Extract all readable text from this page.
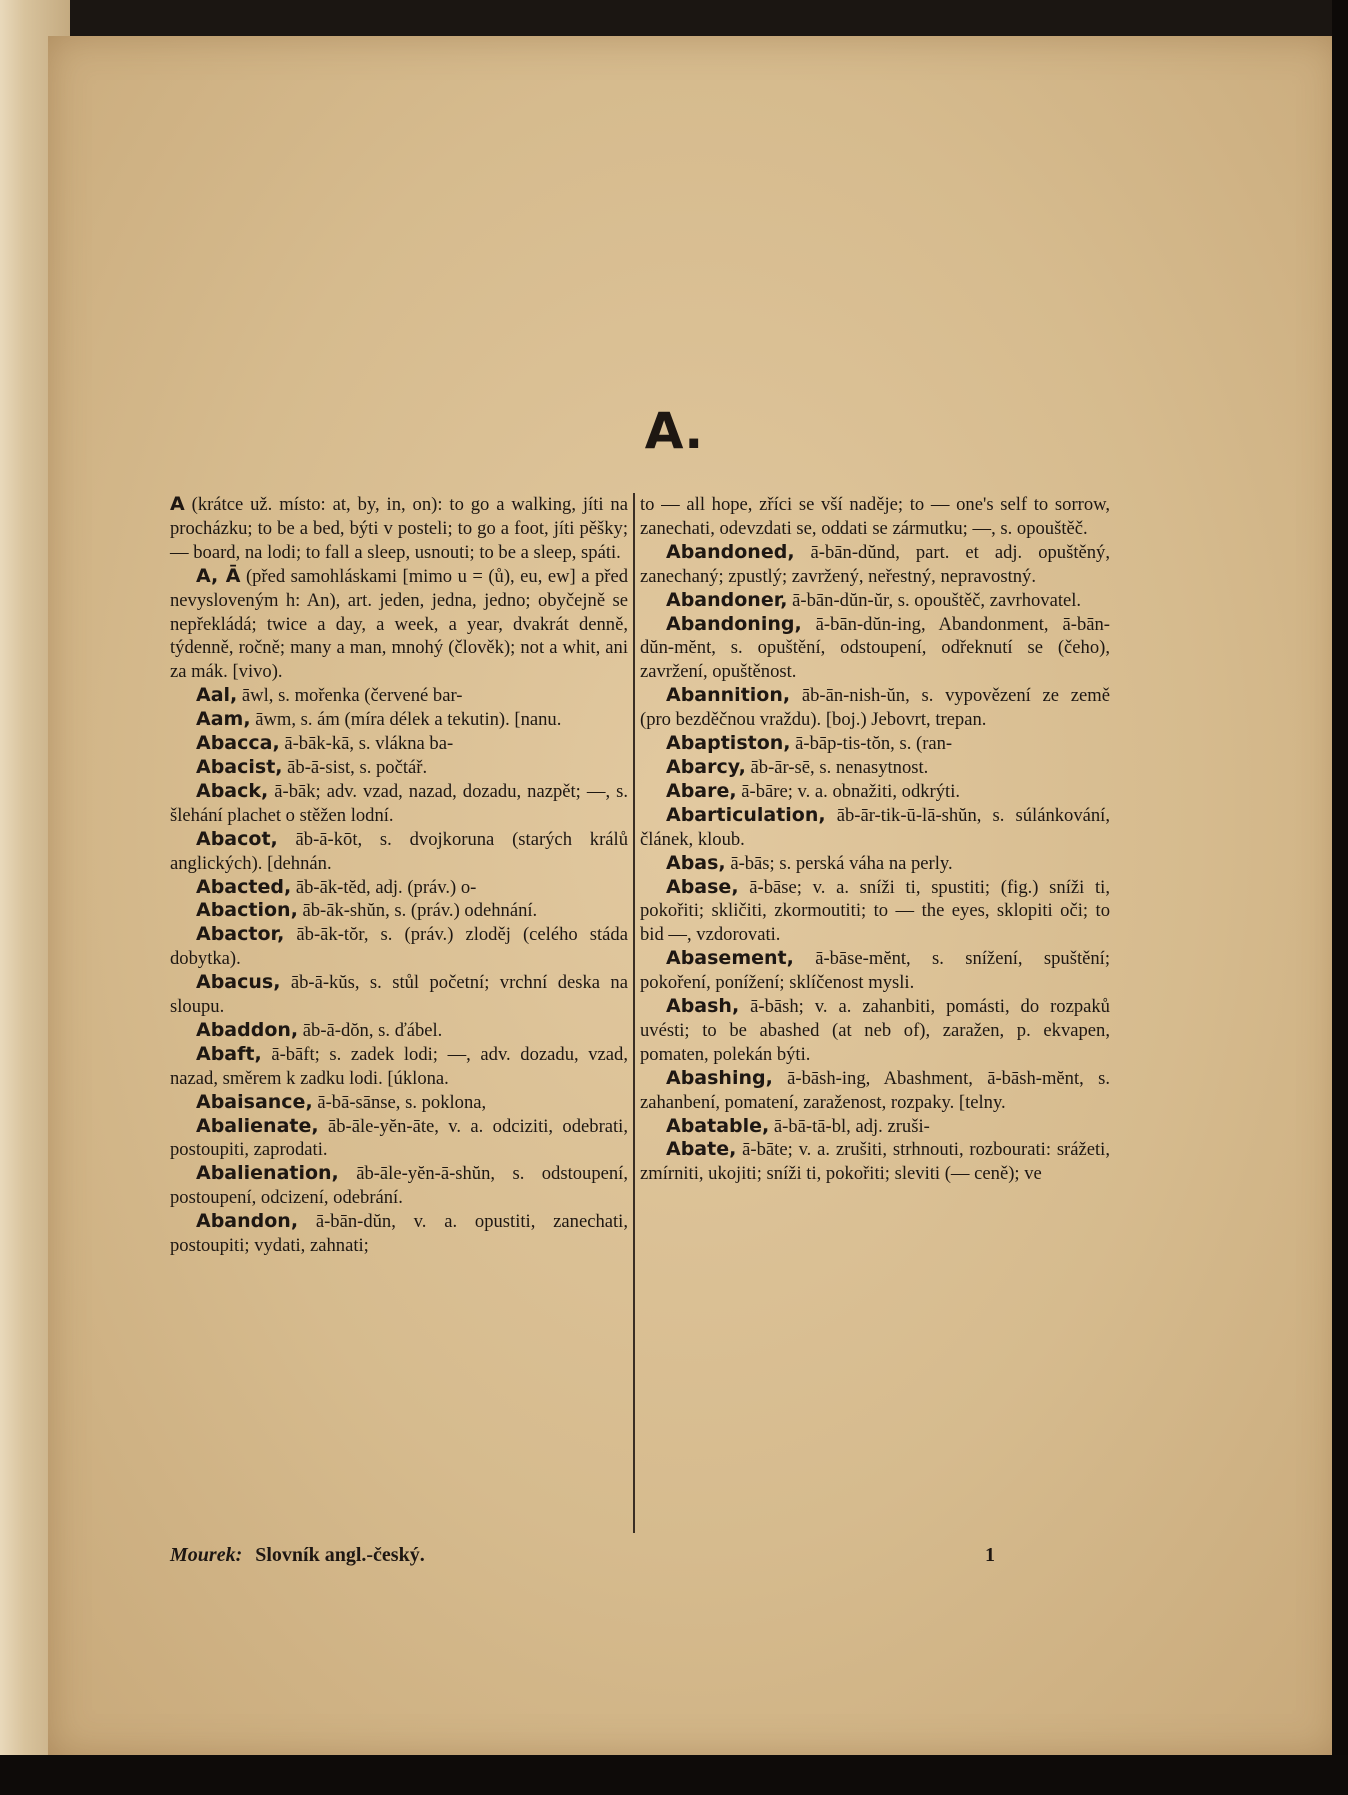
A.

A (krátce už. místo: at, by, in, on): to go a walking, jíti na procházku; to be a bed, býti v posteli; to go a foot, jíti pěšky; — board, na lodi; to fall a sleep, usnouti; to be a sleep, spáti.

A, Ā (před samohláskami [mimo u = (ů), eu, ew] a před nevysloveným h: An), art. jeden, jedna, jedno; obyčejně se nepřekládá; twice a day, a week, a year, dvakrát denně, týdenně, ročně; many a man, mnohý (člověk); not a whit, ani za mák. [vivo).

Aal, āwl, s. mořenka (červené bar-

Aam, āwm, s. ám (míra délek a tekutin). [nanu.

Abacca, ā-bāk-kā, s. vlákna ba-

Abacist, āb-ā-sist, s. počtář.

Aback, ā-bāk; adv. vzad, nazad, dozadu, nazpět; —, s. šlehání plachet o stěžen lodní.

Abacot, āb-ā-kōt, s. dvojkoruna (starých králů anglických). [dehnán.

Abacted, āb-āk-tĕd, adj. (práv.) o-

Abaction, āb-āk-shŭn, s. (práv.) odehnání.

Abactor, āb-āk-tŏr, s. (práv.) zloděj (celého stáda dobytka).

Abacus, āb-ā-kŭs, s. stůl početní; vrchní deska na sloupu.

Abaddon, āb-ā-dŏn, s. ďábel.

Abaft, ā-bāft; s. zadek lodi; —, adv. dozadu, vzad, nazad, směrem k zadku lodi. [úklona.

Abaisance, ā-bā-sānse, s. poklona,

Abalienate, āb-āle-yĕn-āte, v. a. odciziti, odebrati, postoupiti, zaprodati.

Abalienation, āb-āle-yĕn-ā-shŭn, s. odstoupení, postoupení, odcizení, odebrání.

Abandon, ā-bān-dŭn, v. a. opustiti, zanechati, postoupiti; vydati, zahnati;

to — all hope, zříci se vší naděje; to — one's self to sorrow, zanechati, odevzdati se, oddati se zármutku; —, s. opouštěč.

Abandoned, ā-bān-dŭnd, part. et adj. opuštěný, zanechaný; zpustlý; zavržený, neřestný, nepravostný.

Abandoner, ā-bān-dŭn-ŭr, s. opouštěč, zavrhovatel.

Abandoning, ā-bān-dŭn-ing, Abandonment, ā-bān-dŭn-mĕnt, s. opuštění, odstoupení, odřeknutí se (čeho), zavržení, opuštěnost.

Abannition, āb-ān-nish-ŭn, s. vypovězení ze země (pro bezděčnou vraždu). [boj.) Jebovrt, trepan.

Abaptiston, ā-bāp-tis-tŏn, s. (ran-

Abarcy, āb-ār-sē, s. nenasytnost.

Abare, ā-bāre; v. a. obnažiti, odkrýti.

Abarticulation, āb-ār-tik-ū-lā-shŭn, s. súlánkování, článek, kloub.

Abas, ā-bās; s. perská váha na perly.

Abase, ā-bāse; v. a. sníži ti, spustiti; (fig.) sníži ti, pokořiti; skličiti, zkormoutiti; to — the eyes, sklopiti oči; to bid —, vzdorovati.

Abasement, ā-bāse-mĕnt, s. snížení, spuštění; pokoření, ponížení; sklíčenost mysli.

Abash, ā-bāsh; v. a. zahanbiti, pomásti, do rozpaků uvésti; to be abashed (at neb of), zaražen, p. ekvapen, pomaten, polekán býti.

Abashing, ā-bāsh-ing, Abashment, ā-bāsh-mĕnt, s. zahanbení, pomatení, zaraženost, rozpaky. [telny.

Abatable, ā-bā-tā-bl, adj. zruši-

Abate, ā-bāte; v. a. zrušiti, strhnouti, rozbourati: srážeti, zmírniti, ukojiti; sníži ti, pokořiti; sleviti (— ceně); ve

Mourek: Slovník angl.-český.	1
